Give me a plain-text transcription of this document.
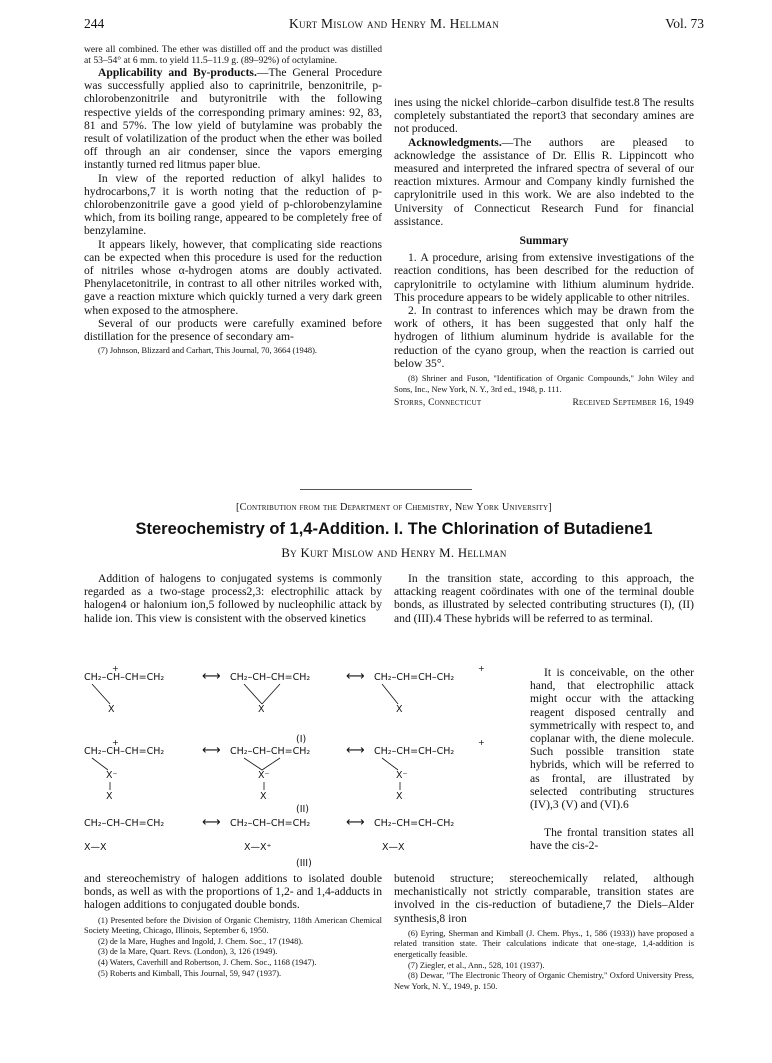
244	Kurt Mislow and Henry M. Hellman	Vol. 73

were all combined. The ether was distilled off and the product was distilled at 53–54° at 6 mm. to yield 11.5–11.9 g. (89–92%) of octylamine.

Applicability and By-products.—The General Procedure was successfully applied also to caprinitrile, benzonitrile, p-chlorobenzonitrile and butyronitrile with the following respective yields of the corresponding primary amines: 92, 83, 81 and 57%. The low yield of butylamine was probably the result of volatilization of the product when the ether was boiled off through an air condenser, since the vapors emerging instantly turned red litmus paper blue.

In view of the reported reduction of alkyl halides to hydrocarbons,7 it is worth noting that the reduction of p-chlorobenzonitrile gave a good yield of p-chlorobenzylamine which, from its boiling range, appeared to be completely free of benzylamine.

It appears likely, however, that complicating side reactions can be expected when this procedure is used for the reduction of nitriles whose α-hydrogen atoms are doubly activated. Phenylacetonitrile, in contrast to all other nitriles worked with, gave a reaction mixture which quickly turned a very dark green when exposed to the atmosphere.

Several of our products were carefully examined before distillation for the presence of secondary am-

(7) Johnson, Blizzard and Carhart, This Journal, 70, 3664 (1948).

ines using the nickel chloride–carbon disulfide test.8 The results completely substantiated the report3 that secondary amines are not produced.

Acknowledgments.—The authors are pleased to acknowledge the assistance of Dr. Ellis R. Lippincott who measured and interpreted the infrared spectra of several of our reaction mixtures. Armour and Company kindly furnished the caprylonitrile used in this work. We are also indebted to the University of Connecticut Research Fund for financial assistance.

Summary

1. A procedure, arising from extensive investigations of the reaction conditions, has been described for the reduction of caprylonitrile to octylamine with lithium aluminum hydride. This procedure appears to be widely applicable to other nitriles.

2. In contrast to inferences which may be drawn from the work of others, it has been suggested that only half the hydrogen of lithium aluminum hydride is available for the reduction of the cyano group, when the reaction is carried out below 35°.

(8) Shriner and Fuson, "Identification of Organic Compounds," John Wiley and Sons, Inc., New York, N. Y., 3rd ed., 1948, p. 111.

Storrs, Connecticut	Received September 16, 1949
[Contribution from the Department of Chemistry, New York University]
Stereochemistry of 1,4-Addition. I. The Chlorination of Butadiene1
By Kurt Mislow and Henry M. Hellman

Addition of halogens to conjugated systems is commonly regarded as a two-stage process2,3: electrophilic attack by halogen4 or halonium ion,5 followed by nucleophilic attack by halide ion. This view is consistent with the observed kinetics

In the transition state, according to this approach, the attacking reagent coördinates with one of the terminal double bonds, as illustrated by selected contributing structures (I), (II) and (III).4 These hybrids will be referred to as terminal.

CH₂–CH–CH=CH₂
+
⟷ CH₂–CH–CH=CH₂	⟷ CH₂–CH=CH–CH₂
+
X	X	X
(I)
CH₂–CH–CH=CH₂
+
⟷ CH₂–CH–CH=CH₂	⟷ CH₂–CH=CH–CH₂
+
X⁻
X
X⁻
X
X⁻
X
(II)
CH₂–CH–CH=CH₂	⟷ CH₂–CH–CH=CH₂	⟷ CH₂–CH=CH–CH₂

It is conceivable, on the other hand, that electrophilic attack might occur with the attacking reagent disposed centrally and symmetrically with respect to, and coplanar with, the diene molecule. Such possible transition state hybrids, which will be referred to as frontal, are illustrated by selected contributing structures (IV),3 (V) and (VI).6

X—X	X—X⁺	X—X
(III)

The frontal transition states all have the cis-2-

and stereochemistry of halogen additions to isolated double bonds, as well as with the proportions of 1,2- and 1,4-adducts in halogen additions to conjugated double bonds.

(1) Presented before the Division of Organic Chemistry, 118th American Chemical Society Meeting, Chicago, Illinois, September 6, 1950.

(2) de la Mare, Hughes and Ingold, J. Chem. Soc., 17 (1948).

(3) de la Mare, Quart. Revs. (London), 3, 126 (1949).

(4) Waters, Caverhill and Robertson, J. Chem. Soc., 1168 (1947).

(5) Roberts and Kimball, This Journal, 59, 947 (1937).

butenoid structure; stereochemically related, although mechanistically not strictly comparable, transition states are involved in the cis-reduction of butadiene,7 the Diels–Alder synthesis,8 iron

(6) Eyring, Sherman and Kimball (J. Chem. Phys., 1, 586 (1933)) have proposed a related transition state. Their calculations indicate that one-stage, 1,4-addition is energetically feasible.

(7) Ziegler, et al., Ann., 528, 101 (1937).

(8) Dewar, "The Electronic Theory of Organic Chemistry," Oxford University Press, New York, N. Y., 1949, p. 150.
